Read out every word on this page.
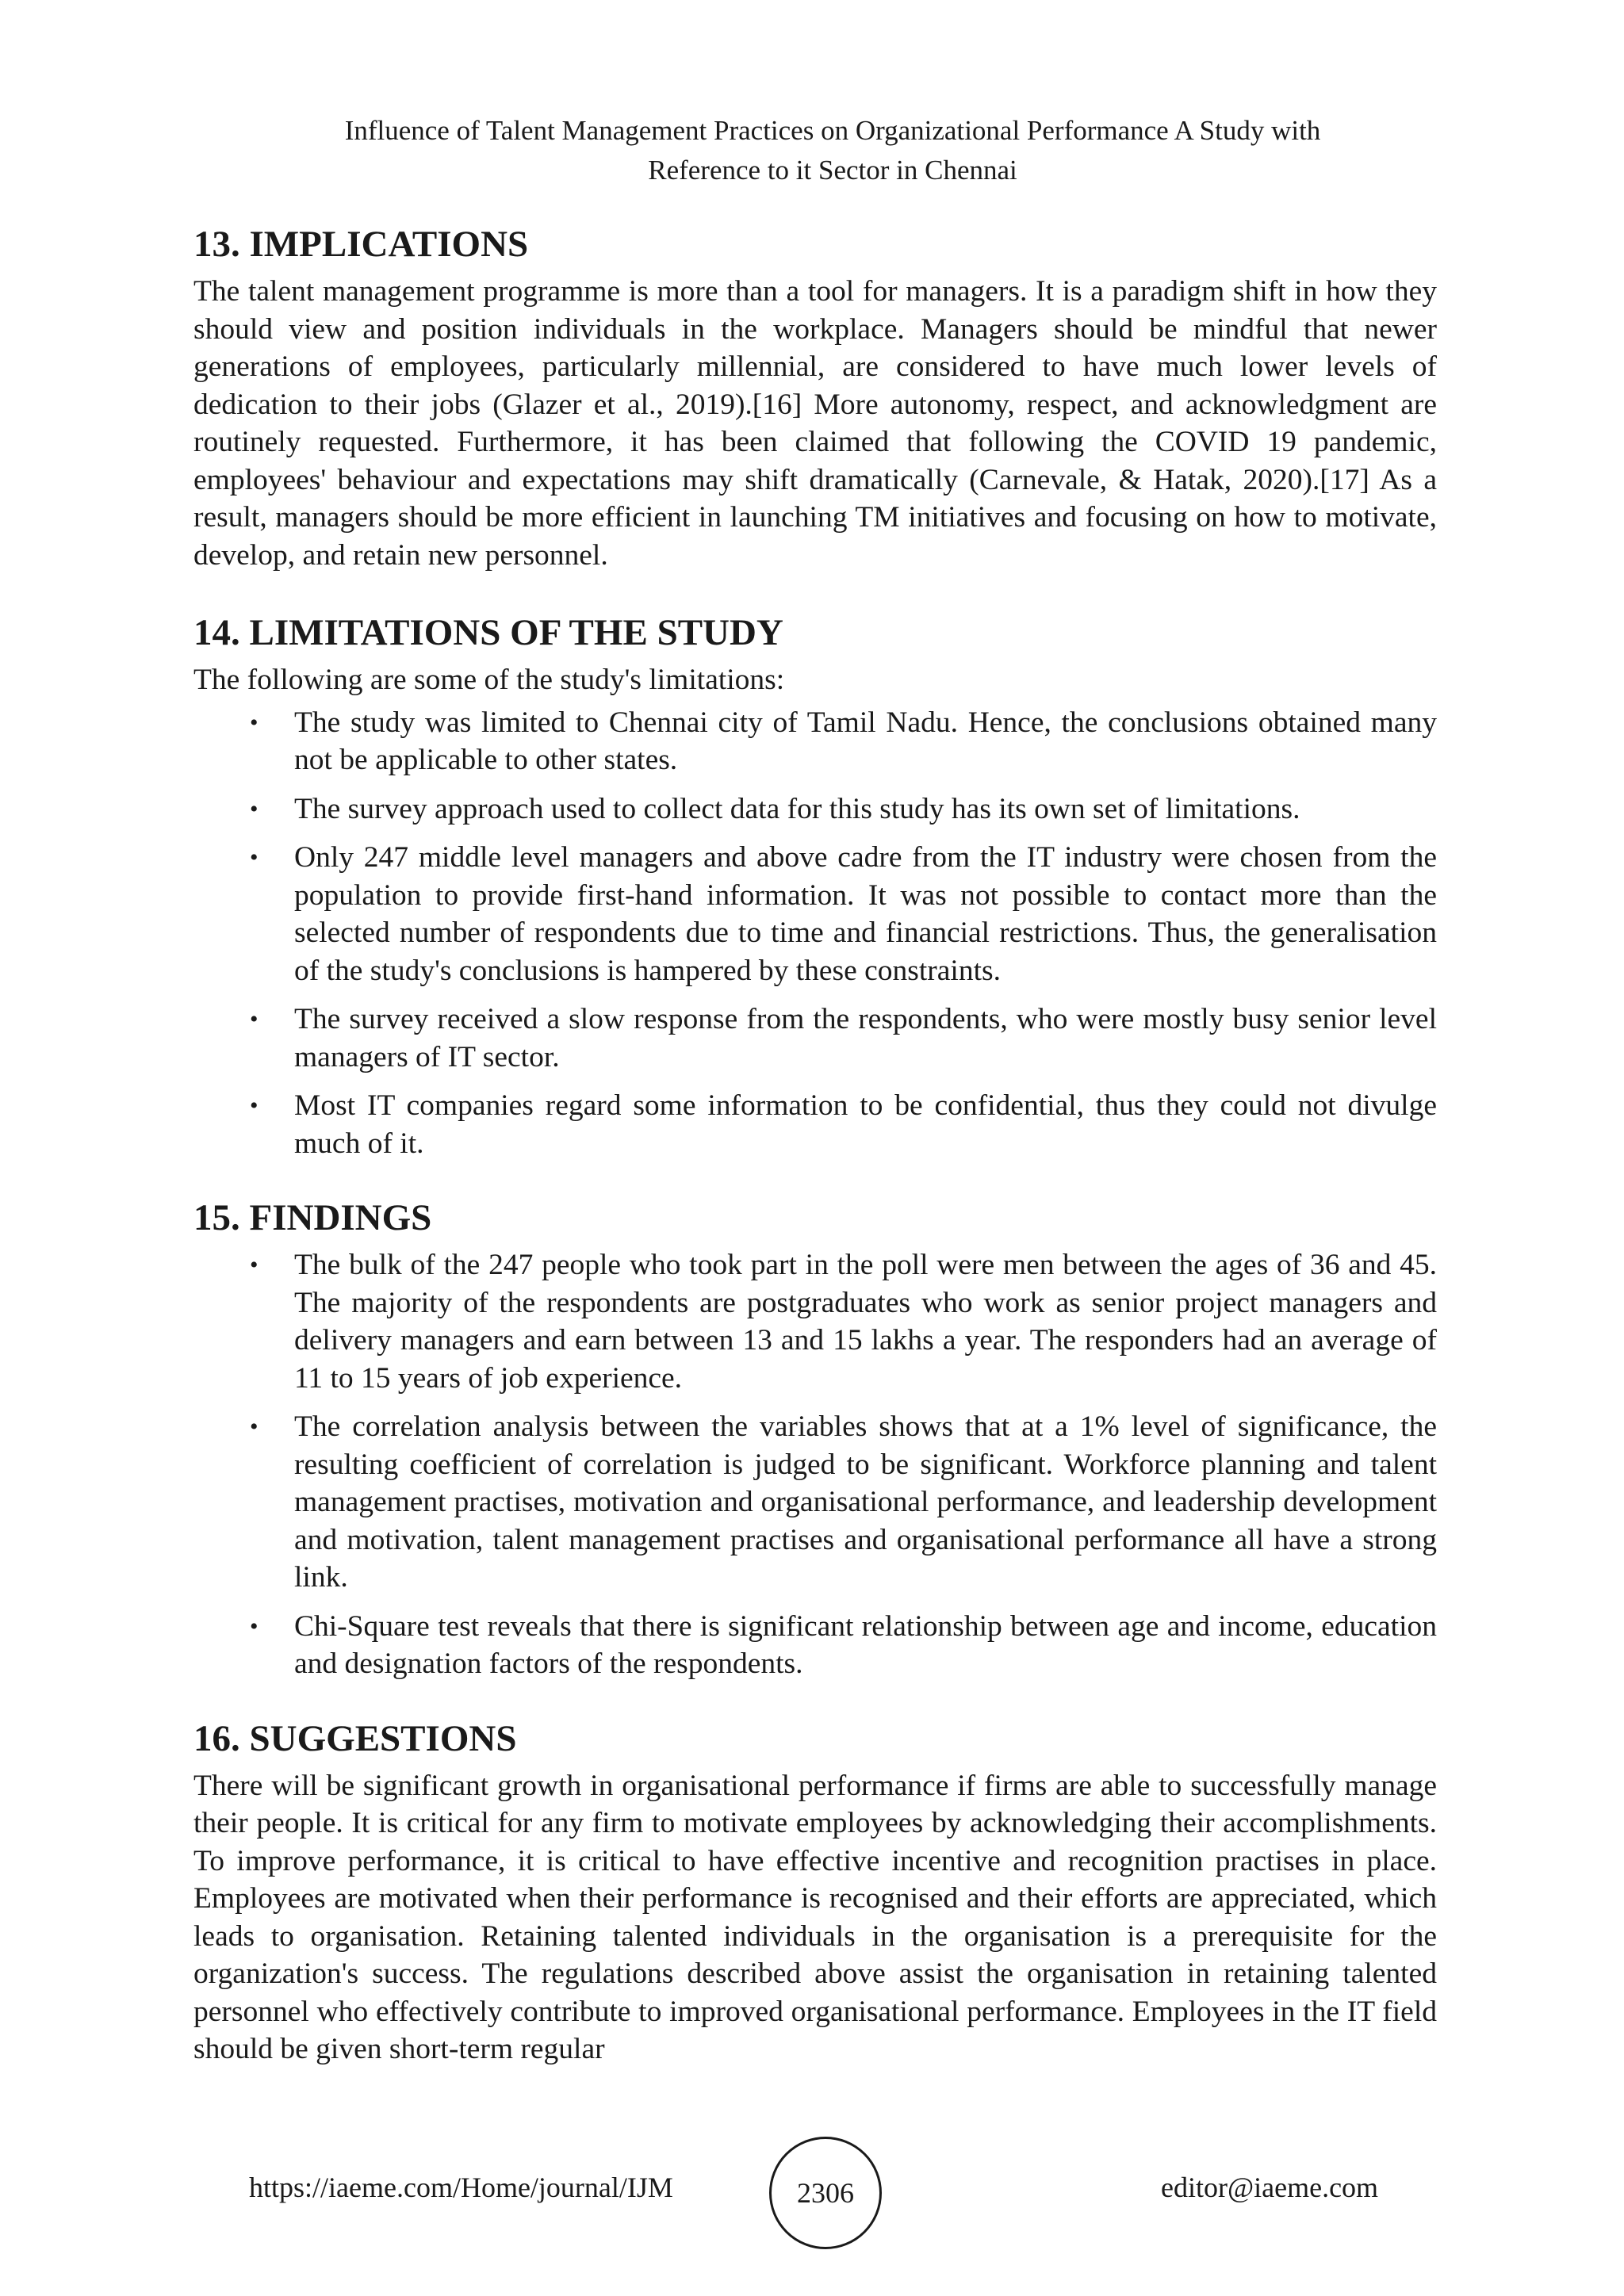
Influence of Talent Management Practices on Organizational Performance A Study with
Reference to it Sector in Chennai
13. IMPLICATIONS

The talent management programme is more than a tool for managers. It is a paradigm shift in how they should view and position individuals in the workplace. Managers should be mindful that newer generations of employees, particularly millennial, are considered to have much lower levels of dedication to their jobs (Glazer et al., 2019).[16] More autonomy, respect, and acknowledgment are routinely requested. Furthermore, it has been claimed that following the COVID 19 pandemic, employees' behaviour and expectations may shift dramatically (Carnevale, & Hatak, 2020).[17] As a result, managers should be more efficient in launching TM initiatives and focusing on how to motivate, develop, and retain new personnel.

14. LIMITATIONS OF THE STUDY

The following are some of the study's limitations:

• The study was limited to Chennai city of Tamil Nadu. Hence, the conclusions obtained many not be applicable to other states.
• The survey approach used to collect data for this study has its own set of limitations.
• Only 247 middle level managers and above cadre from the IT industry were chosen from the population to provide first-hand information. It was not possible to contact more than the selected number of respondents due to time and financial restrictions. Thus, the generalisation of the study's conclusions is hampered by these constraints.
• The survey received a slow response from the respondents, who were mostly busy senior level managers of IT sector.
• Most IT companies regard some information to be confidential, thus they could not divulge much of it.
15. FINDINGS
• The bulk of the 247 people who took part in the poll were men between the ages of 36 and 45. The majority of the respondents are postgraduates who work as senior project managers and delivery managers and earn between 13 and 15 lakhs a year. The responders had an average of 11 to 15 years of job experience.
• The correlation analysis between the variables shows that at a 1% level of significance, the resulting coefficient of correlation is judged to be significant. Workforce planning and talent management practises, motivation and organisational performance, and leadership development and motivation, talent management practises and organisational performance all have a strong link.
• Chi-Square test reveals that there is significant relationship between age and income, education and designation factors of the respondents.
16. SUGGESTIONS

There will be significant growth in organisational performance if firms are able to successfully manage their people. It is critical for any firm to motivate employees by acknowledging their accomplishments. To improve performance, it is critical to have effective incentive and recognition practises in place. Employees are motivated when their performance is recognised and their efforts are appreciated, which leads to organisation. Retaining talented individuals in the organisation is a prerequisite for the organization's success. The regulations described above assist the organisation in retaining talented personnel who effectively contribute to improved organisational performance. Employees in the IT field should be given short-term regular

https://iaeme.com/Home/journal/IJM	2306	editor@iaeme.com
